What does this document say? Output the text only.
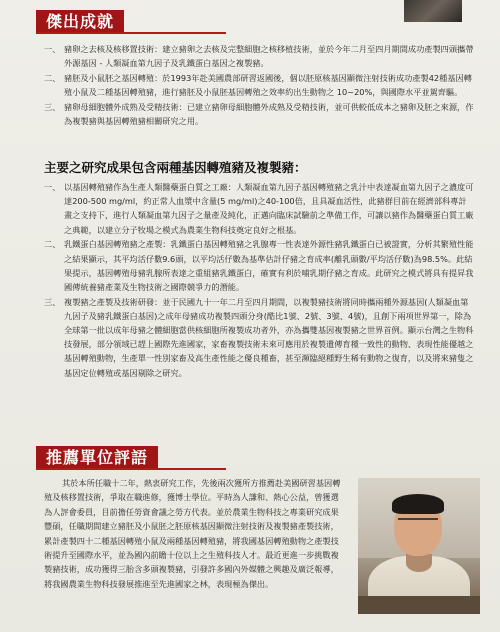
傑出成就
一、 豬卵之去核及核移置技術：建立豬卵之去核及完整細胞之核移植技術，並於今年二月至四月期間成功產製四頭攜帶外源基因 - 人類凝血第九因子及乳鐵蛋白基因之複製豬。
二、 豬胚及小鼠胚之基因轉殖：於1993年赴美國農部研習返國後，個以胚原核基因顯微注射技術成功產製42種基因轉殖小鼠及二種基因轉殖豬，進行豬胚及小鼠胚基因轉殖之效率約出生動物之 10~20%，與國際水平並駕齊驅。
三、 豬卵母細胞體外成熟及受精技術：已建立豬卵母細胞體外成熟及受精技術，並可供較低成本之豬卵及胚之來源，作為複製豬與基因轉殖豬相關研究之用。
主要之研究成果包含兩種基因轉殖豬及複製豬：
一、 以基因轉殖豬作為生產人類醫藥蛋白質之工廠：人類凝血第九因子基因轉殖豬之乳汁中表達凝血第九因子之濃度可達200-500 mg/ml，約正常人血漿中含量(5 mg/ml)之40-100倍，且具凝血活性，此豬群目前在經濟部科專計畫之支持下，進行人類凝血第九因子之量產及純化，正邁向臨床試驗前之準備工作，可讓以豬作為醫藥蛋白質工廠之典範，以建立分子牧場之模式為農業生物科技奠定良好之根基。
二、 乳鐵蛋白基因轉殖豬之產製：乳鐵蛋白基因轉殖豬之乳腺專一性表達外源性豬乳鐵蛋白已被證實，分析其繁殖性能之結果顯示，其平均活仔數9.6頭，以平均活仔數為基準估計仔豬之育成率(離乳頭數/平均活仔數)為98.5%。此結果提示，基因轉殖母豬乳腺所表達之重組豬乳鐵蛋白，確實有利於哺乳期仔豬之育成。此研究之模式將具有提昇我國傳統養豬產業及生物技術之國際競爭力的潛能。
三、 複製豬之產製及技術研發：並于民國九十一年二月至四月期間，以複製豬技術將同時攜兩種外源基因(人類凝血第九因子及豬乳鐵蛋白基因)之成年母豬成功複製四頭分身(酷比1號、2號、3號、4號)，且創下兩項世界第一，除為全球第一批以成年母豬之體細胞當供核細胞所複製成功者外，亦為攜雙基因複製豬之世界首例。顯示台灣之生物科技發展，部分領域已趕上國際先進國家，家畜複製技術未來可應用於複製遺傳育種一致性的動物、表現性能優越之基因轉殖動物，生產單一性別家畜及高生產性能之優良種畜，甚至瀕臨絕種野生稀有動物之復育，以及將來豬隻之基因定位轉殖或基因剔除之研究。
推薦單位評語
其於本所任職十二年，熱衷研究工作，先後兩次獲所方推薦赴美國研習基因轉殖及核移置技術，爭取在職進修，獲博士學位。平時為人謙和、熱心公益，曾獲選為人評會委員，目前擔任勞資會議之勞方代表。並於農業生物科技之專業研究成果豐碩，任職期間建立豬胚及小鼠胚之胚原核基因顯微注射技術及複製豬產製技術，累計產製四十二種基因轉殖小鼠及兩種基因轉殖豬，將我國基因轉殖動物之產製技術提升至國際水平，並為國內前瞻十位以上之生殖科技人才。最近更進一步挑戰複製豬技術，成功獲得三胎含多頭複製豬，引發許多國內外媒體之興趣及廣泛報導，將我國農業生物科技發展推進至先進國家之林，表現極為傑出。
